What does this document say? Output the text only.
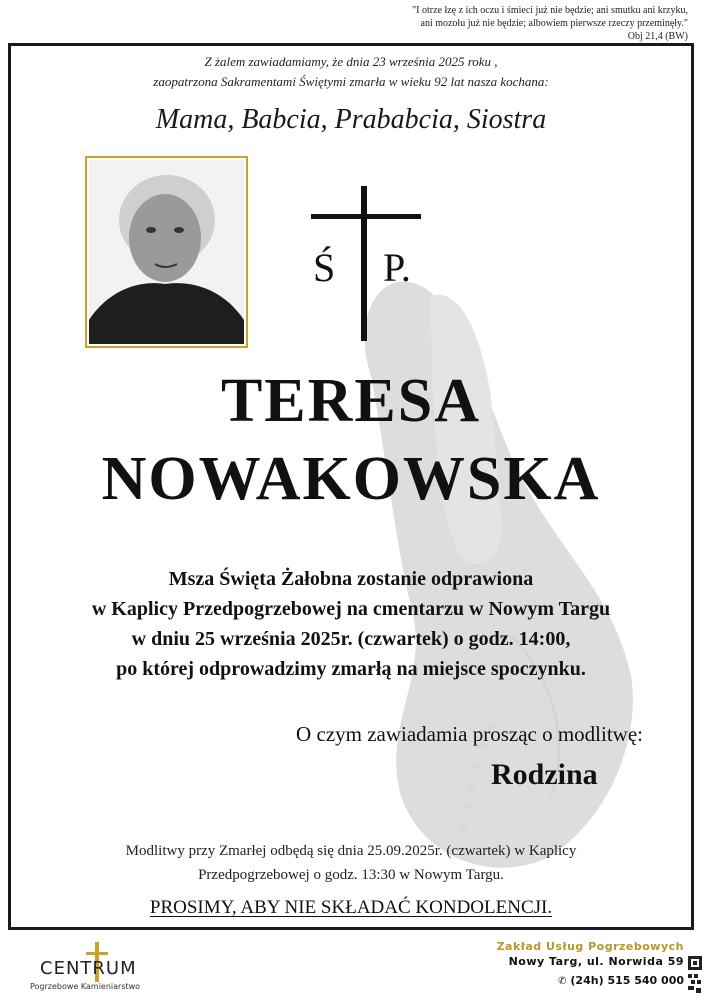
"I otrze łzę z ich oczu i śmieci już nie będzie; ani smutku ani krzyku,
ani mozołu już nie będzie; albowiem pierwsze rzeczy przeminęły."

Obj 21,4 (BW)
Z żalem zawiadamiamy, że dnia 23 września 2025 roku ,
zaopatrzona Sakramentami Świętymi zmarła w wieku 92 lat nasza kochana:
Mama, Babcia, Prababcia, Siostra
Ś P.
TERESA
NOWAKOWSKA
Msza Święta Żałobna zostanie odprawiona
w Kaplicy Przedpogrzebowej na cmentarzu w Nowym Targu
w dniu 25 września 2025r. (czwartek) o godz. 14:00,
po której odprowadzimy zmarłą na miejsce spoczynku.
O czym zawiadamia prosząc o modlitwę:
Rodzina
Modlitwy przy Zmarłej odbędą się dnia 25.09.2025r. (czwartek) w Kaplicy
Przedpogrzebowej o godz. 13:30 w Nowym Targu.
PROSIMY, ABY NIE SKŁADAĆ KONDOLENCJI.
CENTRUM
Pogrzebowe Kamieniarstwo
Zakład Usług Pogrzebowych
Nowy Targ, ul. Norwida 59
✆ (24h) 515 540 000
